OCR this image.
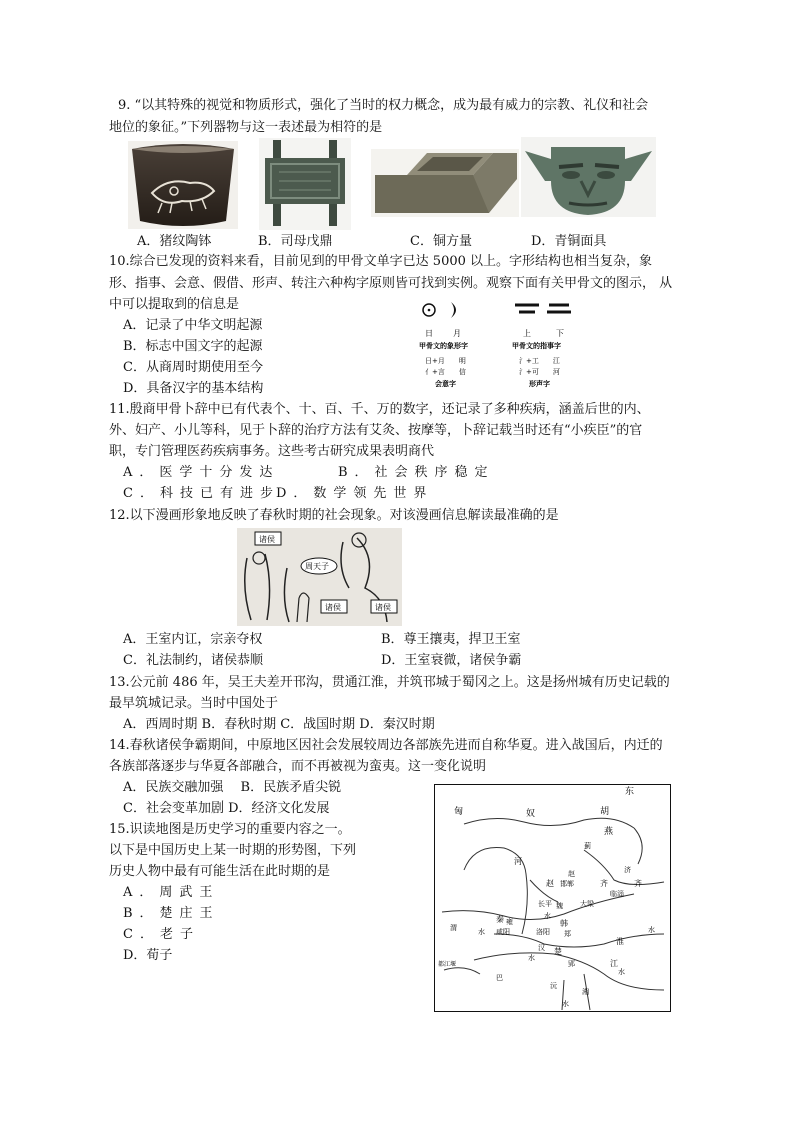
9. “以其特殊的视觉和物质形式，强化了当时的权力概念，成为最有威力的宗教、礼仪和社会
地位的象征。”下列器物与这一表述最为相符的是
A．猪纹陶钵	B．司母戊鼎	C．铜方量	D．青铜面具
10.综合已发现的资料来看，目前见到的甲骨文单字已达 5000 以上。字形结构也相当复杂，象
形、指事、会意、假借、形声、转注六种构字原则皆可找到实例。观察下面有关甲骨文的图示， 从
中可以提取到的信息是
A．记录了中华文明起源
B．标志中国文字的起源
C．从商周时期使用至今
D．具备汉字的基本结构
日	月
甲骨文的象形字
上	下
甲骨文的指事字
日+月　　明
亻+言　　信
会意字
氵+工　　江
氵+可　　河
形声字
11.殷商甲骨卜辞中已有代表个、十、百、千、万的数字，还记录了多种疾病，涵盖后世的内、
外、妇产、小儿等科，见于卜辞的治疗方法有艾灸、按摩等，卜辞记载当时还有“小疾臣”的官
职，专门管理医药疾病事务。这些考古研究成果表明商代
A．医学十分发达	B．社会秩序稳定
C．科技已有进步
D．数学领先世界
12.以下漫画形象地反映了春秋时期的社会现象。对该漫画信息解读最准确的是
诸侯
周天子
诸侯	诸侯
A．王室内讧，宗亲夺权	B．尊王攘夷，捍卫王室
C．礼法制约，诸侯恭顺	D．王室衰微，诸侯争霸
13.公元前 486 年，吴王夫差开邗沟，贯通江淮，并筑邗城于蜀冈之上。这是扬州城有历史记载的
最早筑城记录。当时中国处于
A．西周时期 B．春秋时期 C．战国时期 D．秦汉时期
14.春秋诸侯争霸期间，中原地区因社会发展较周边各部族先进而自称华夏。进入战国后，内迁的
各族部落逐步与华夏各部融合，而不再被视为蛮夷。这一变化说明
A．民族交融加强　 B．民族矛盾尖锐
C．社会变革加剧 D．经济文化发展
15.识读地图是历史学习的重要内容之一。
以下是中国历史上某一时期的形势图，下列
历史人物中最有可能生活在此时期的是
A．周武王
B．楚庄王
C．老子
D．荀子
东
匈	奴	胡
燕
蓟
河
赵 邯郸
赵
齐
临淄
齐
长平 魏 大梁
秦 雍
咸阳	洛阳
韩
郑
渭	水
水
淮
水
楚
郢	江
巴
沅
湘
水
都江堰
汉
水
济
水
